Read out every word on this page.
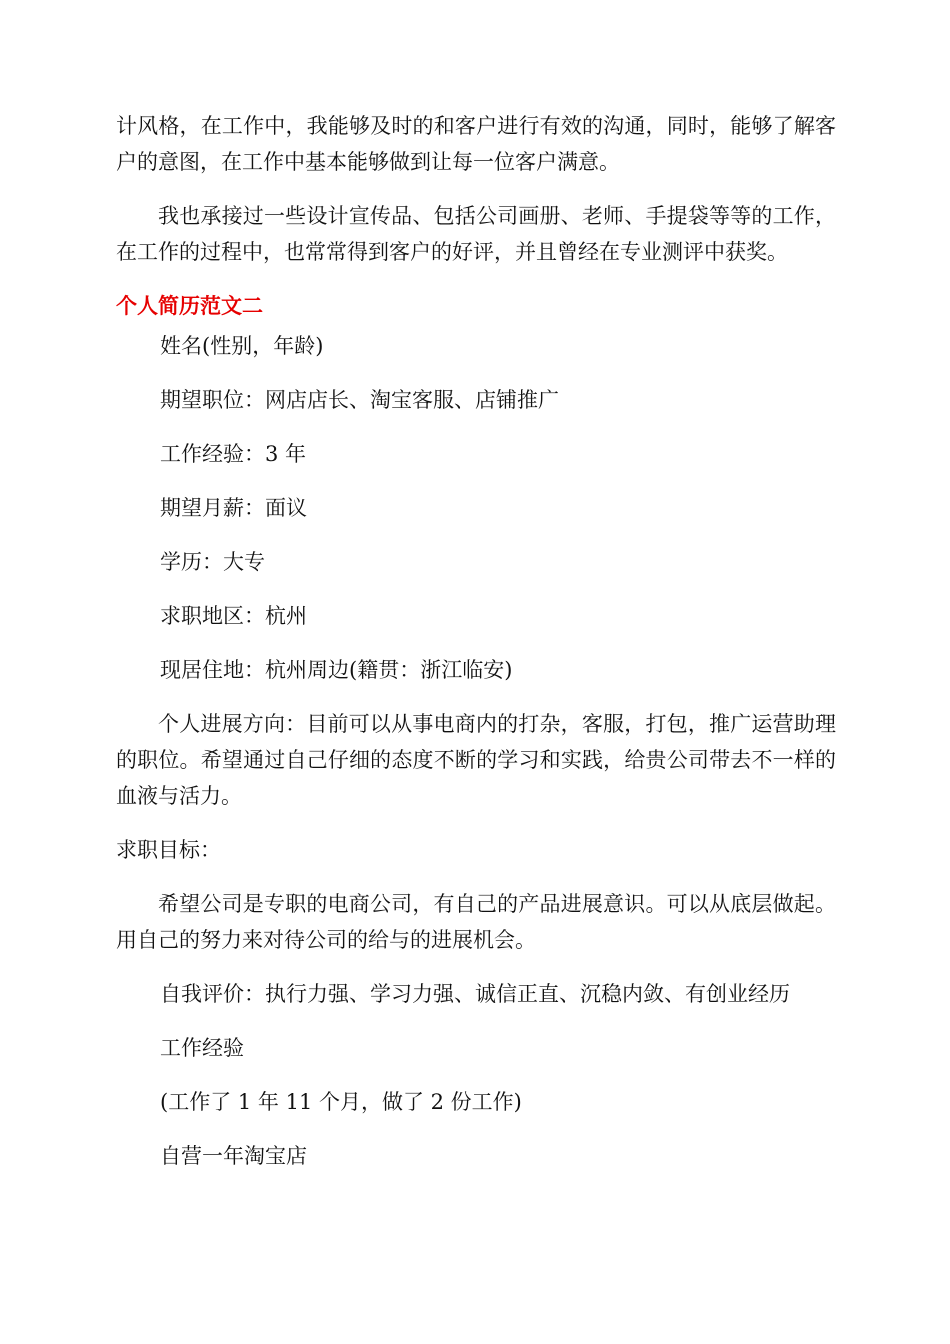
计风格，在工作中，我能够及时的和客户进行有效的沟通，同时，能够了解客户的意图，在工作中基本能够做到让每一位客户满意。

我也承接过一些设计宣传品、包括公司画册、老师、手提袋等等的工作，在工作的过程中，也常常得到客户的好评，并且曾经在专业测评中获奖。

个人简历范文二

姓名(性别，年龄)

期望职位：网店店长、淘宝客服、店铺推广

工作经验：3 年

期望月薪：面议

学历：大专

求职地区：杭州

现居住地：杭州周边(籍贯：浙江临安)

个人进展方向：目前可以从事电商内的打杂，客服，打包，推广运营助理的职位。希望通过自己仔细的态度不断的学习和实践，给贵公司带去不一样的血液与活力。

求职目标：

希望公司是专职的电商公司，有自己的产品进展意识。可以从底层做起。用自己的努力来对待公司的给与的进展机会。

自我评价：执行力强、学习力强、诚信正直、沉稳内敛、有创业经历

工作经验

(工作了 1 年 11 个月，做了 2 份工作)

自营一年淘宝店
